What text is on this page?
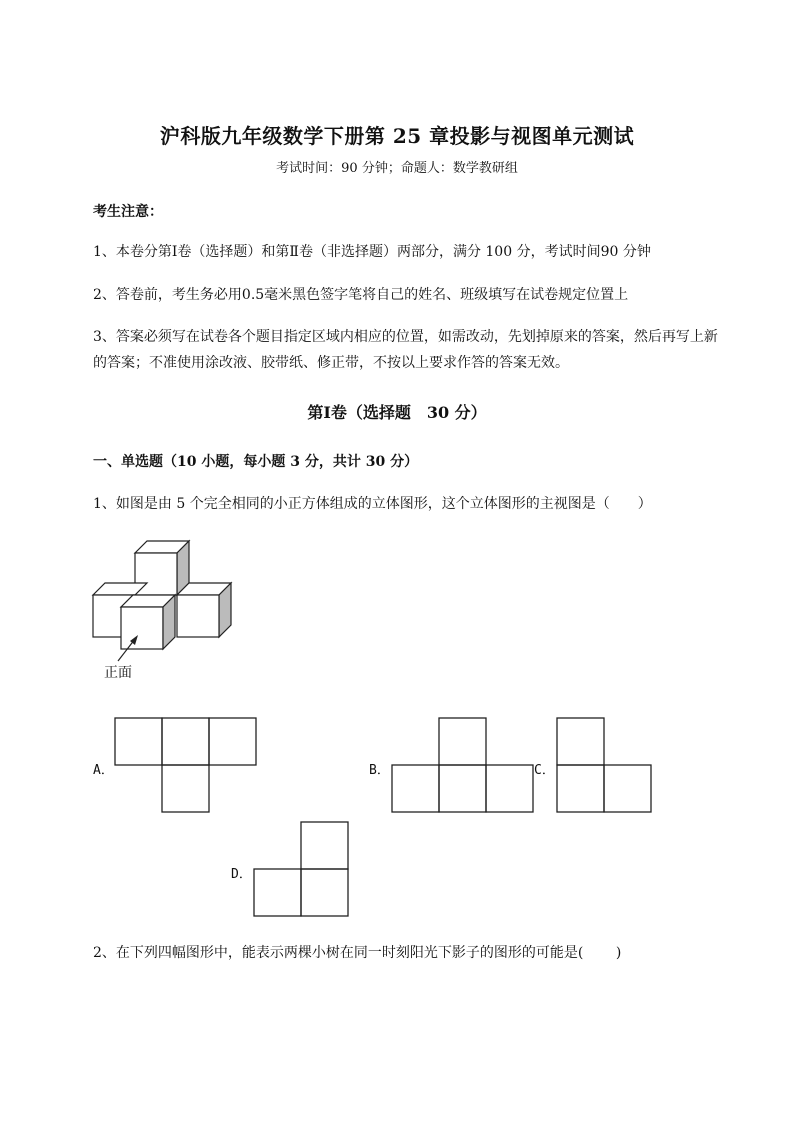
沪科版九年级数学下册第 25 章投影与视图单元测试
考试时间：90 分钟；命题人：数学教研组
考生注意：
1、本卷分第Ⅰ卷（选择题）和第Ⅱ卷（非选择题）两部分，满分 100 分，考试时间90 分钟
2、答卷前，考生务必用0.5毫米黑色签字笔将自己的姓名、班级填写在试卷规定位置上
3、答案必须写在试卷各个题目指定区域内相应的位置，如需改动，先划掉原来的答案，然后再写上新
的答案；不准使用涂改液、胶带纸、修正带，不按以上要求作答的答案无效。
第Ⅰ卷（选择题　30 分）
一、单选题（10 小题，每小题 3 分，共计 30 分）
1、如图是由 5 个完全相同的小正方体组成的立体图形，这个立体图形的主视图是（　　）
正面
A．	B．	C．
D．
2、在下列四幅图形中，能表示两棵小树在同一时刻阳光下影子的图形的可能是(　　 )
